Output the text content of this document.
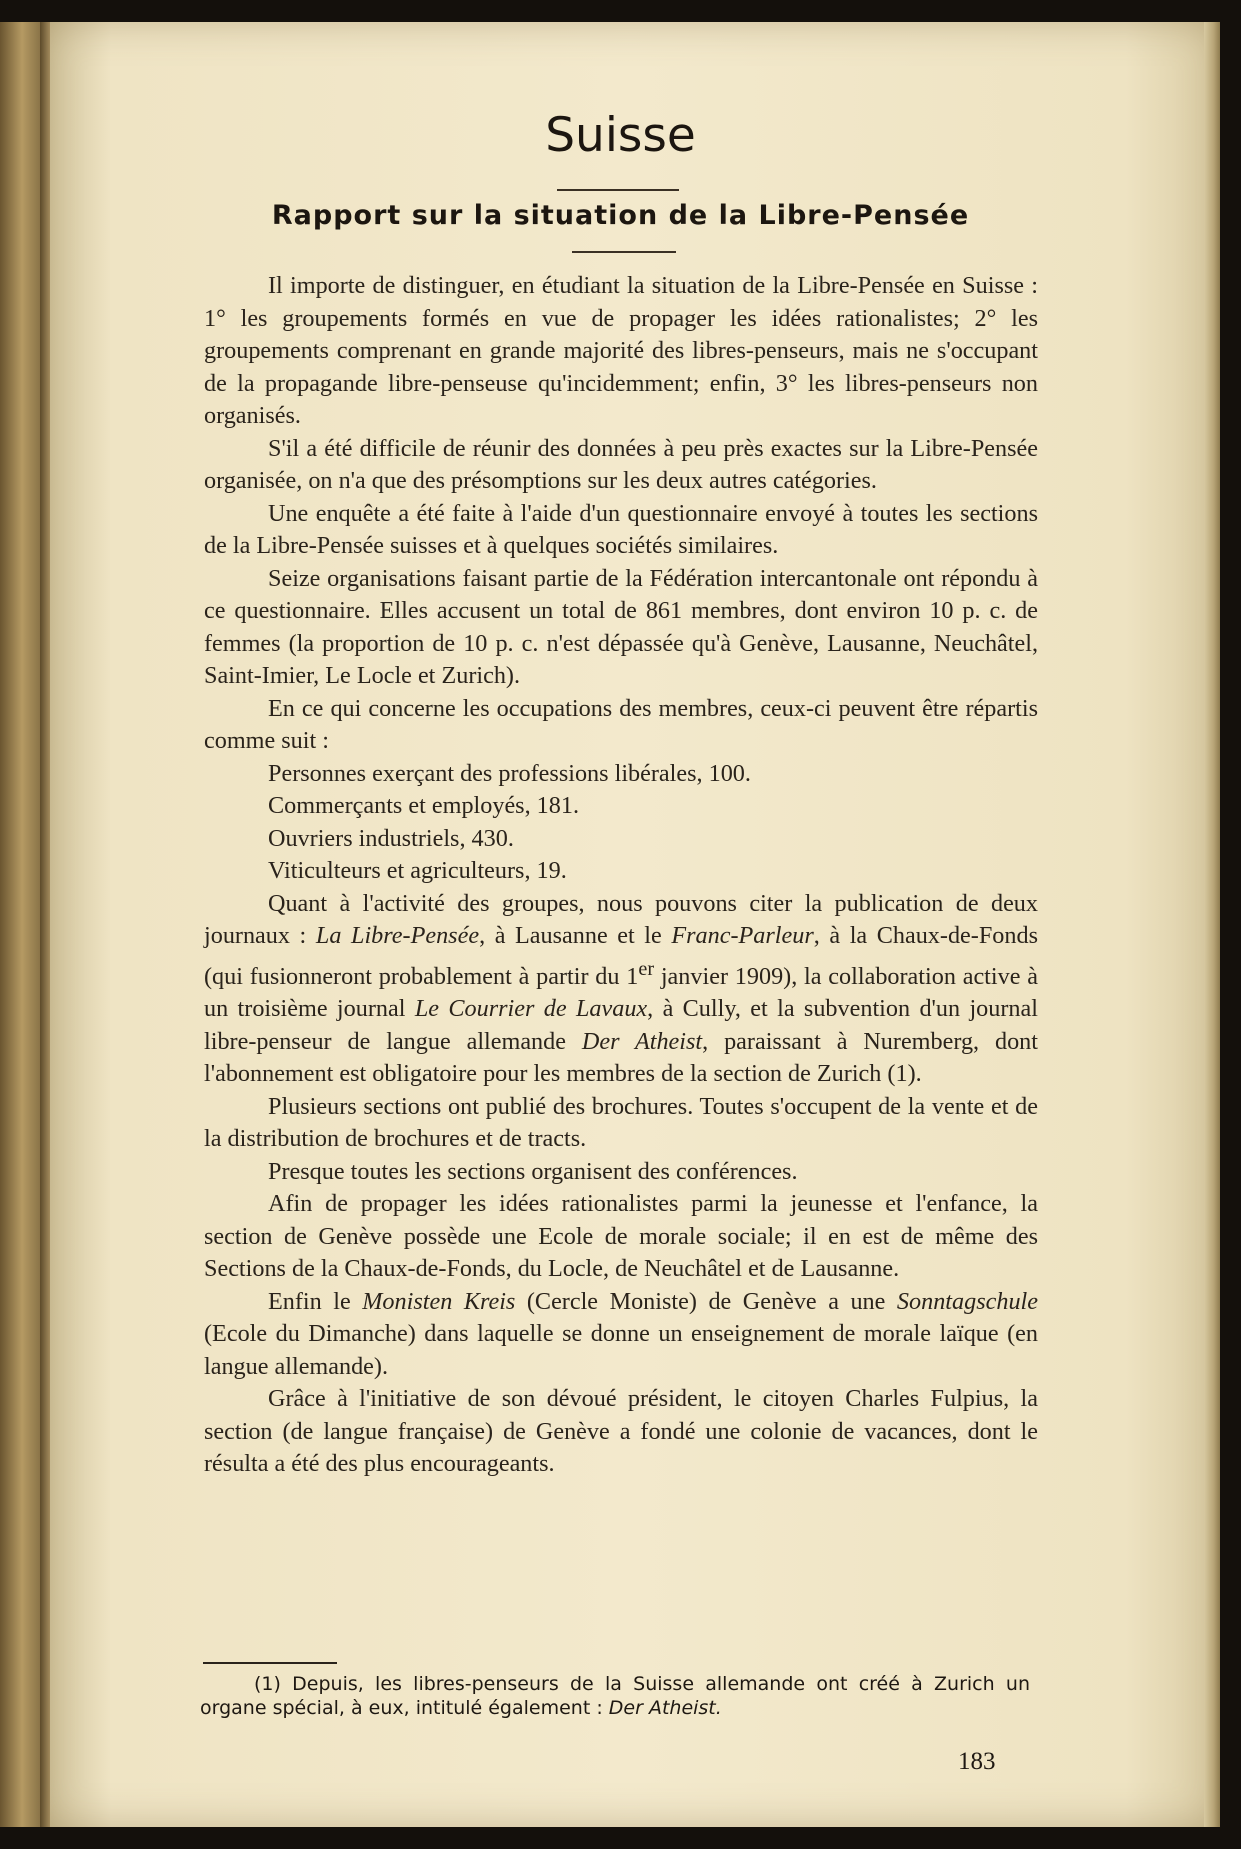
Suisse
Rapport sur la situation de la Libre-Pensée

Il importe de distinguer, en étudiant la situation de la Libre-Pensée en Suisse : 1° les groupements formés en vue de propager les idées rationalistes; 2° les groupements comprenant en grande majorité des libres-penseurs, mais ne s'occupant de la propagande libre-penseuse qu'incidemment; enfin, 3° les libres-penseurs non organisés.

S'il a été difficile de réunir des données à peu près exactes sur la Libre-Pensée organisée, on n'a que des présomptions sur les deux autres catégories.

Une enquête a été faite à l'aide d'un questionnaire envoyé à toutes les sections de la Libre-Pensée suisses et à quelques sociétés similaires.

Seize organisations faisant partie de la Fédération intercantonale ont répondu à ce questionnaire. Elles accusent un total de 861 membres, dont environ 10 p. c. de femmes (la proportion de 10 p. c. n'est dépassée qu'à Genève, Lausanne, Neuchâtel, Saint-Imier, Le Locle et Zurich).

En ce qui concerne les occupations des membres, ceux-ci peuvent être répartis comme suit :

Personnes exerçant des professions libérales, 100.

Commerçants et employés, 181.

Ouvriers industriels, 430.

Viticulteurs et agriculteurs, 19.

Quant à l'activité des groupes, nous pouvons citer la publication de deux journaux : La Libre-Pensée, à Lausanne et le Franc-Parleur, à la Chaux-de-Fonds (qui fusionneront probablement à partir du 1er janvier 1909), la collaboration active à un troisième journal Le Courrier de Lavaux, à Cully, et la subvention d'un journal libre-penseur de langue allemande Der Atheist, paraissant à Nuremberg, dont l'abonnement est obligatoire pour les membres de la section de Zurich (1).

Plusieurs sections ont publié des brochures. Toutes s'occupent de la vente et de la distribution de brochures et de tracts.

Presque toutes les sections organisent des conférences.

Afin de propager les idées rationalistes parmi la jeunesse et l'enfance, la section de Genève possède une Ecole de morale sociale; il en est de même des Sections de la Chaux-de-Fonds, du Locle, de Neuchâtel et de Lausanne.

Enfin le Monisten Kreis (Cercle Moniste) de Genève a une Sonntagschule (Ecole du Dimanche) dans laquelle se donne un enseignement de morale laïque (en langue allemande).

Grâce à l'initiative de son dévoué président, le citoyen Charles Fulpius, la section (de langue française) de Genève a fondé une colonie de vacances, dont le résulta a été des plus encourageants.

(1) Depuis, les libres-penseurs de la Suisse allemande ont créé à Zurich un organe spécial, à eux, intitulé également : Der Atheist.
183
